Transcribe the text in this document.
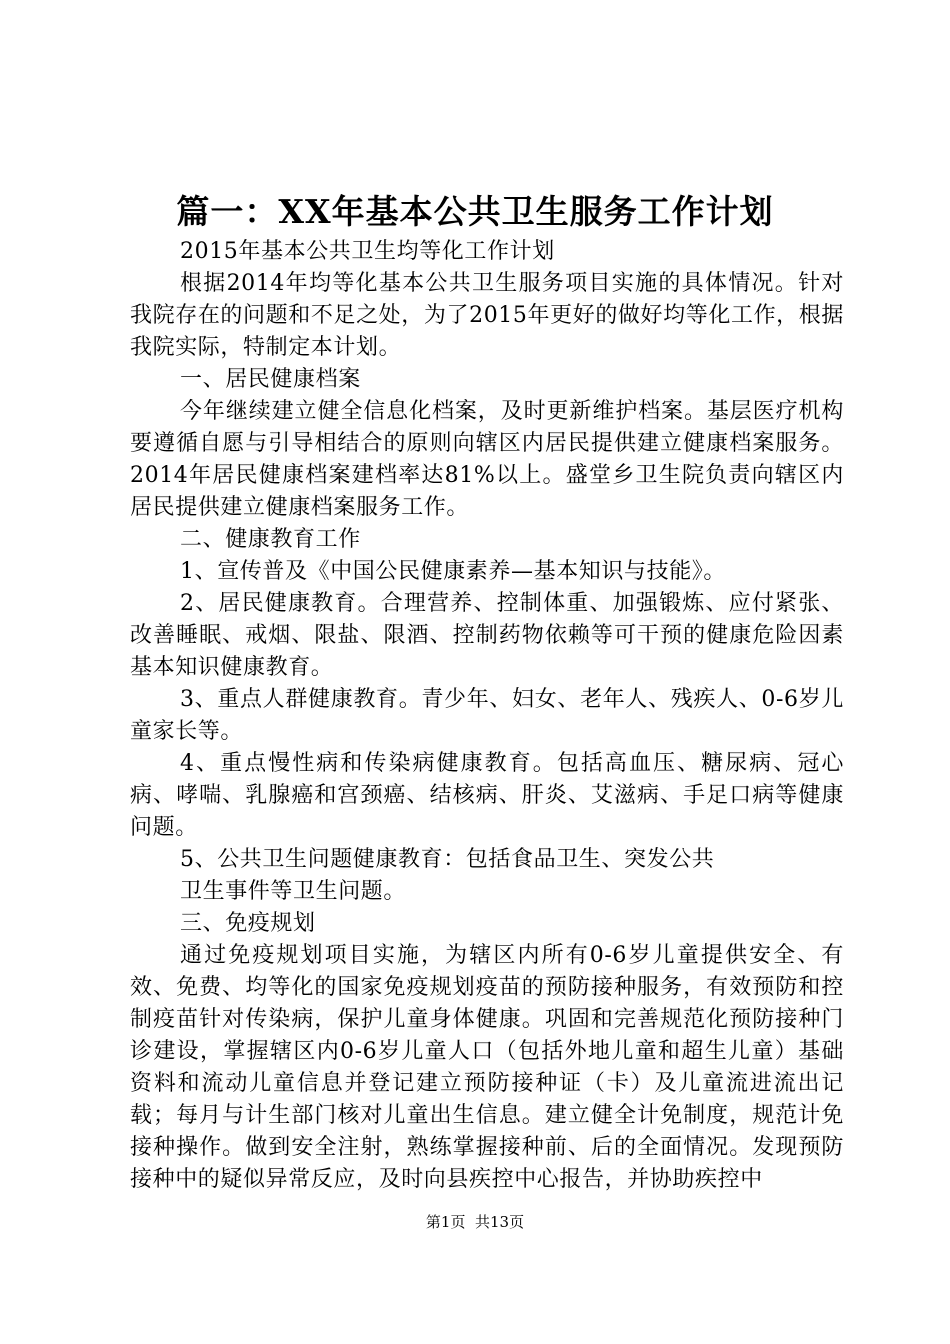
篇一：XX年基本公共卫生服务工作计划

2015年基本公共卫生均等化工作计划

根据2014年均等化基本公共卫生服务项目实施的具体情况。针对我院存在的问题和不足之处，为了2015年更好的做好均等化工作，根据我院实际，特制定本计划。

一、居民健康档案

今年继续建立健全信息化档案，及时更新维护档案。基层医疗机构要遵循自愿与引导相结合的原则向辖区内居民提供建立健康档案服务。2014年居民健康档案建档率达81%以上。盛堂乡卫生院负责向辖区内居民提供建立健康档案服务工作。

二、健康教育工作

1、宣传普及《中国公民健康素养—基本知识与技能》。

2、居民健康教育。合理营养、控制体重、加强锻炼、应付紧张、改善睡眠、戒烟、限盐、限酒、控制药物依赖等可干预的健康危险因素基本知识健康教育。

3、重点人群健康教育。青少年、妇女、老年人、残疾人、0-6岁儿童家长等。

4、重点慢性病和传染病健康教育。包括高血压、糖尿病、冠心病、哮喘、乳腺癌和宫颈癌、结核病、肝炎、艾滋病、手足口病等健康问题。

5、公共卫生问题健康教育：包括食品卫生、突发公共

卫生事件等卫生问题。

三、免疫规划

通过免疫规划项目实施，为辖区内所有0-6岁儿童提供安全、有效、免费、均等化的国家免疫规划疫苗的预防接种服务，有效预防和控制疫苗针对传染病，保护儿童身体健康。巩固和完善规范化预防接种门诊建设，掌握辖区内0-6岁儿童人口（包括外地儿童和超生儿童）基础资料和流动儿童信息并登记建立预防接种证（卡）及儿童流进流出记载；每月与计生部门核对儿童出生信息。建立健全计免制度，规范计免接种操作。做到安全注射，熟练掌握接种前、后的全面情况。发现预防接种中的疑似异常反应，及时向县疾控中心报告，并协助疾控中

第1页 共13页
